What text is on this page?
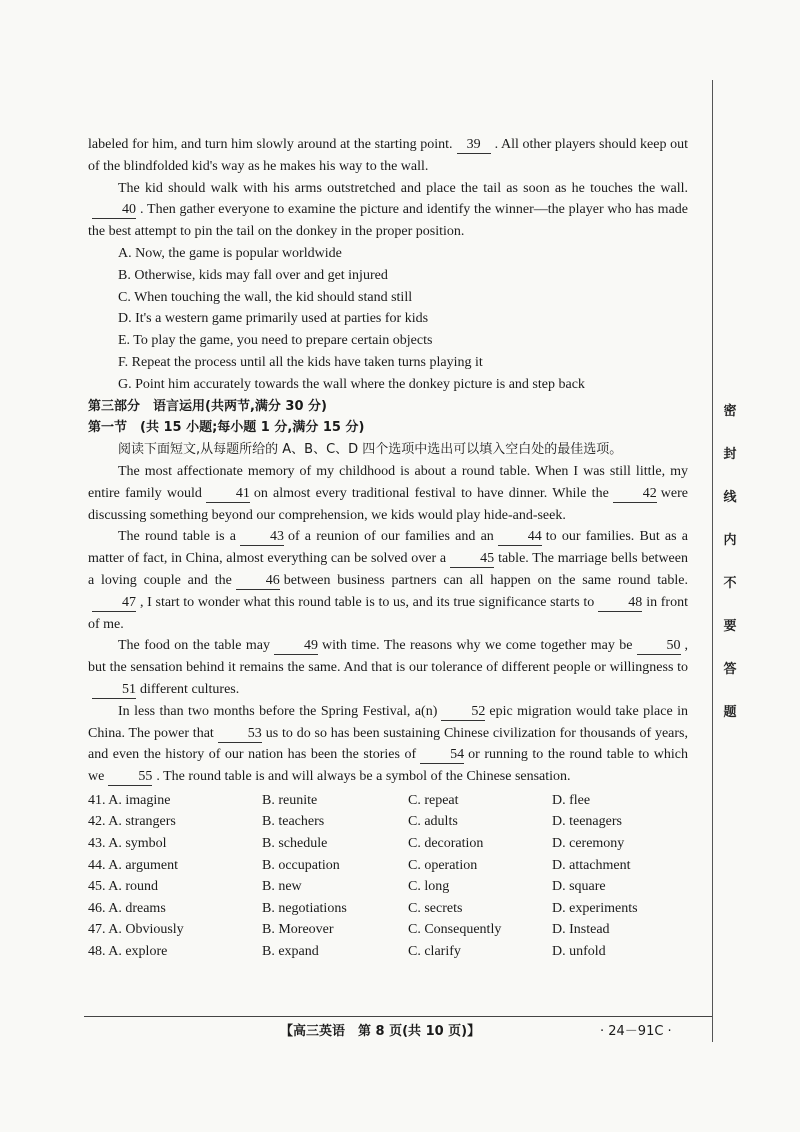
labeled for him, and turn him slowly around at the starting point. 39 . All other players should keep out of the blindfolded kid's way as he makes his way to the wall.

The kid should walk with his arms outstretched and place the tail as soon as he touches the wall.40 . Then gather everyone to examine the picture and identify the winner—the player who has made the best attempt to pin the tail on the donkey in the proper position.

A. Now, the game is popular worldwide

B. Otherwise, kids may fall over and get injured

C. When touching the wall, the kid should stand still

D. It's a western game primarily used at parties for kids

E. To play the game, you need to prepare certain objects

F. Repeat the process until all the kids have taken turns playing it

G. Point him accurately towards the wall where the donkey picture is and step back

第三部分　语言运用(共两节,满分 30 分)

第一节　(共 15 小题;每小题 1 分,满分 15 分)

阅读下面短文,从每题所给的 A、B、C、D 四个选项中选出可以填入空白处的最佳选项。

The most affectionate memory of my childhood is about a round table. When I was still little, my entire family would 41 on almost every traditional festival to have dinner. While the 42 were discussing something beyond our comprehension, we kids would play hide-and-seek.

The round table is a 43 of a reunion of our families and an 44 to our families. But as a matter of fact, in China, almost everything can be solved over a 45 table. The marriage bells between a loving couple and the 46 between business partners can all happen on the same round table.47 , I start to wonder what this round table is to us, and its true significance starts to 48 in front of me.

The food on the table may 49 with time. The reasons why we come together may be 50 , but the sensation behind it remains the same. And that is our tolerance of different people or willingness to51 different cultures.

In less than two months before the Spring Festival, a(n) 52 epic migration would take place in China. The power that 53 us to do so has been sustaining Chinese civilization for thousands of years, and even the history of our nation has been the stories of 54 or running to the round table to which we 55 . The round table is and will always be a symbol of the Chinese sensation.

41. A. imagine	B. reunite	C. repeat	D. flee
42. A. strangers	B. teachers	C. adults	D. teenagers
43. A. symbol	B. schedule	C. decoration	D. ceremony
44. A. argument	B. occupation	C. operation	D. attachment
45. A. round	B. new	C. long	D. square
46. A. dreams	B. negotiations	C. secrets	D. experiments
47. A. Obviously	B. Moreover	C. Consequently	D. Instead
48. A. explore	B. expand	C. clarify	D. unfold
密
封
线
内
不
要
答
题
【高三英语　第 8 页(共 10 页)】	· 24－91C ·
